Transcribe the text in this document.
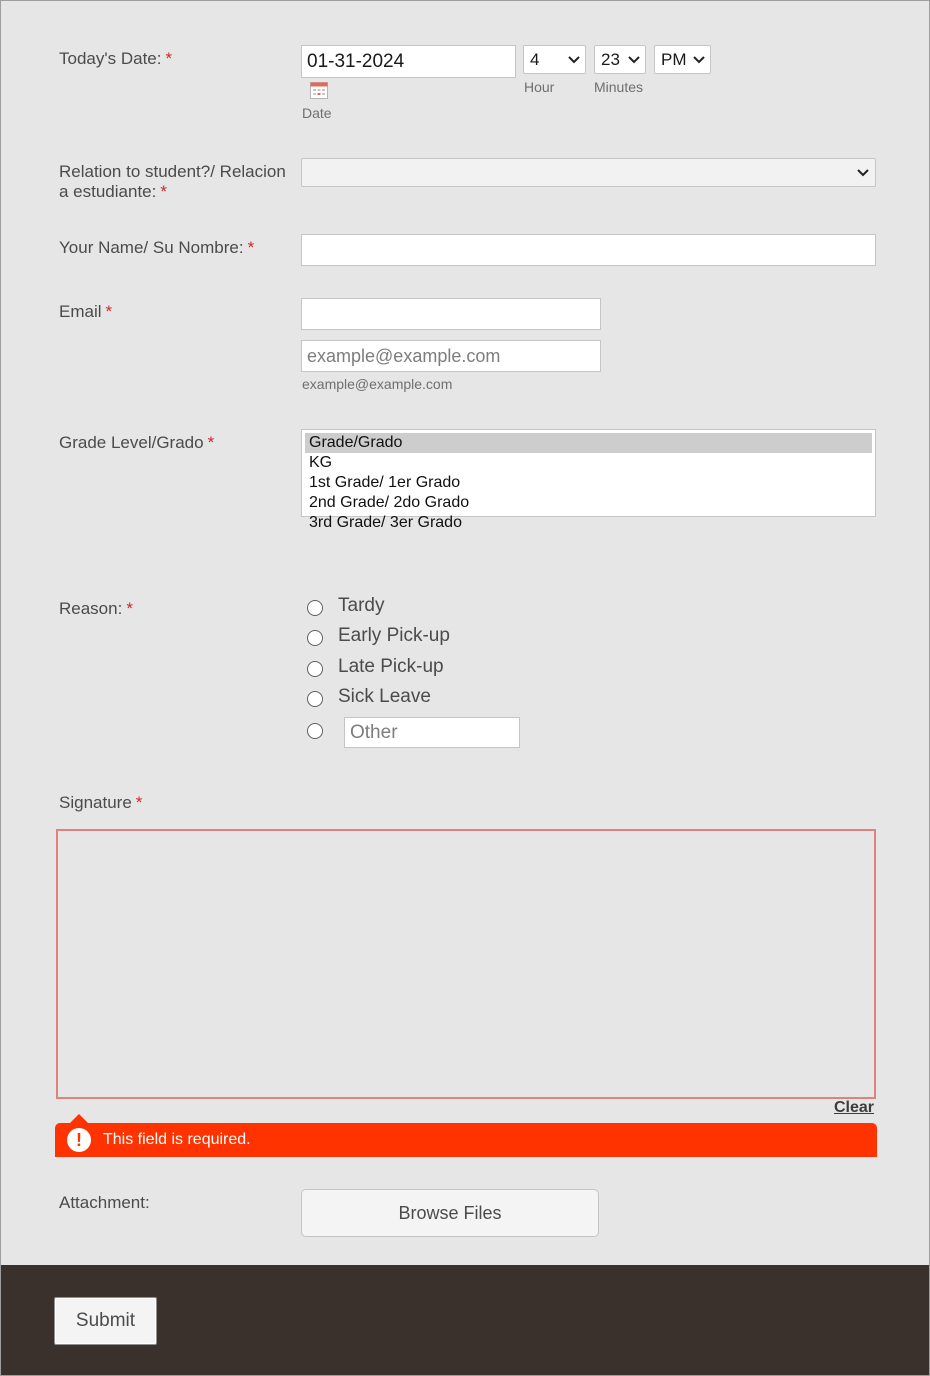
Today's Date: *	01-31-2024
Date
4
Hour
23
Minutes
PM
Relation to student?/ Relacion
a estudiante: *
Your Name/ Su Nombre: *
Email *
example@example.com
example@example.com
Grade Level/Grado *	Grade/Grado
KG
1st Grade/ 1er Grado
2nd Grade/ 2do Grado
3rd Grade/ 3er Grado
Reason: *	Tardy
Early Pick-up
Late Pick-up
Sick Leave
Other
Signature *
Clear
!	This field is required.
Attachment:	Browse Files
Submit
